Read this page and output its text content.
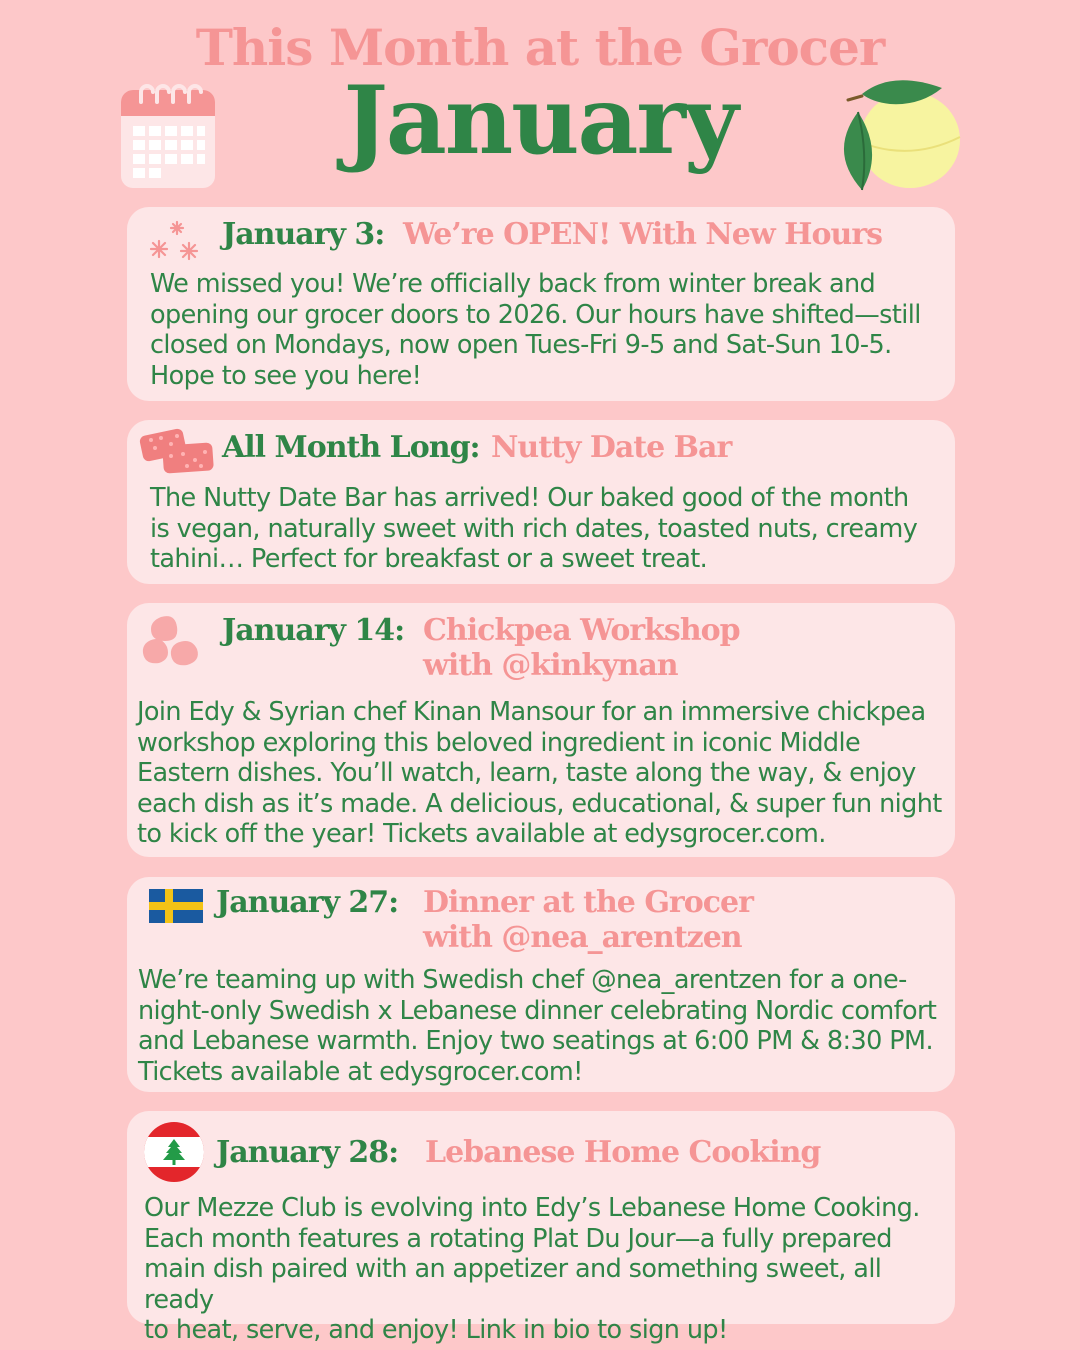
This Month at the Grocer
January
January 3: We’re OPEN! With New Hours
We missed you! We’re officially back from winter break and
opening our grocer doors to 2026. Our hours have shifted—still
closed on Mondays, now open Tues-Fri 9-5 and Sat-Sun 10-5.
Hope to see you here!
All Month Long: Nutty Date Bar
The Nutty Date Bar has arrived! Our baked good of the month
is vegan, naturally sweet with rich dates, toasted nuts, creamy
tahini… Perfect for breakfast or a sweet treat.
January 14: Chickpea Workshop
with @kinkynan
Join Edy & Syrian chef Kinan Mansour for an immersive chickpea
workshop exploring this beloved ingredient in iconic Middle
Eastern dishes. You’ll watch, learn, taste along the way, & enjoy
each dish as it’s made. A delicious, educational, & super fun night
to kick off the year! Tickets available at edysgrocer.com.
January 27: Dinner at the Grocer
with @nea_arentzen
We’re teaming up with Swedish chef @nea_arentzen for a one-
night-only Swedish x Lebanese dinner celebrating Nordic comfort
and Lebanese warmth. Enjoy two seatings at 6:00 PM & 8:30 PM.
Tickets available at edysgrocer.com!
January 28: Lebanese Home Cooking
Our Mezze Club is evolving into Edy’s Lebanese Home Cooking.
Each month features a rotating Plat Du Jour—a fully prepared
main dish paired with an appetizer and something sweet, all ready
to heat, serve, and enjoy! Link in bio to sign up!
